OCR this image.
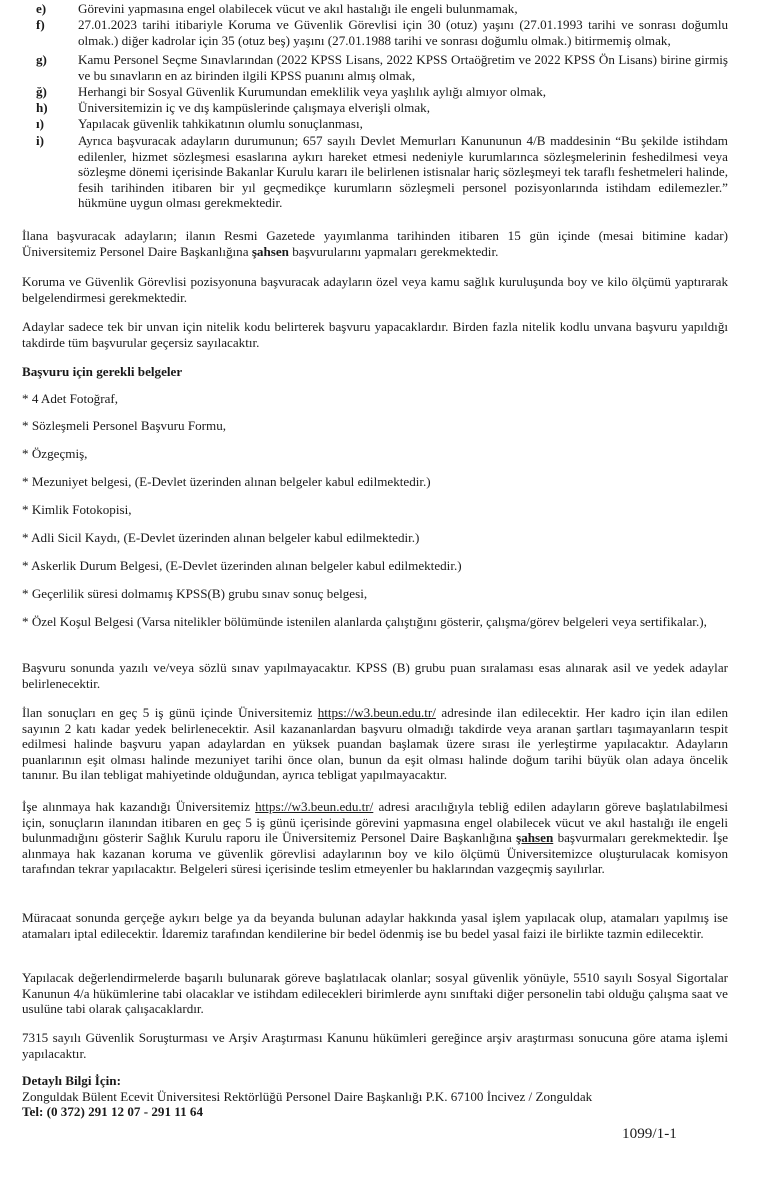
e)	Görevini yapmasına engel olabilecek vücut ve akıl hastalığı ile engeli bulunmamak,
f)	27.01.2023 tarihi itibariyle Koruma ve Güvenlik Görevlisi için 30 (otuz) yaşını (27.01.1993 tarihi ve sonrası doğumlu olmak.) diğer kadrolar için 35 (otuz beş) yaşını (27.01.1988 tarihi ve sonrası doğumlu olmak.) bitirmemiş olmak,
g)	Kamu Personel Seçme Sınavlarından (2022 KPSS Lisans, 2022 KPSS Ortaöğretim ve 2022 KPSS Ön Lisans) birine girmiş ve bu sınavların en az birinden ilgili KPSS puanını almış olmak,
ğ)	Herhangi bir Sosyal Güvenlik Kurumundan emeklilik veya yaşlılık aylığı almıyor olmak,
h)	Üniversitemizin iç ve dış kampüslerinde çalışmaya elverişli olmak,
ı)	Yapılacak güvenlik tahkikatının olumlu sonuçlanması,
i)	Ayrıca başvuracak adayların durumunun; 657 sayılı Devlet Memurları Kanununun 4/B maddesinin “Bu şekilde istihdam edilenler, hizmet sözleşmesi esaslarına aykırı hareket etmesi nedeniyle kurumlarınca sözleşmelerinin feshedilmesi veya sözleşme dönemi içerisinde Bakanlar Kurulu kararı ile belirlenen istisnalar hariç sözleşmeyi tek taraflı feshetmeleri halinde, fesih tarihinden itibaren bir yıl geçmedikçe kurumların sözleşmeli personel pozisyonlarında istihdam edilemezler.” hükmüne uygun olması gerekmektedir.
İlana başvuracak adayların; ilanın Resmi Gazetede yayımlanma tarihinden itibaren 15 gün içinde (mesai bitimine kadar) Üniversitemiz Personel Daire Başkanlığına şahsen başvurularını yapmaları gerekmektedir.
Koruma ve Güvenlik Görevlisi pozisyonuna başvuracak adayların özel veya kamu sağlık kuruluşunda boy ve kilo ölçümü yaptırarak belgelendirmesi gerekmektedir.
Adaylar sadece tek bir unvan için nitelik kodu belirterek başvuru yapacaklardır. Birden fazla nitelik kodlu unvana başvuru yapıldığı takdirde tüm başvurular geçersiz sayılacaktır.
Başvuru için gerekli belgeler
* 4 Adet Fotoğraf,
* Sözleşmeli Personel Başvuru Formu,
* Özgeçmiş,
* Mezuniyet belgesi, (E-Devlet üzerinden alınan belgeler kabul edilmektedir.)
* Kimlik Fotokopisi,
* Adli Sicil Kaydı, (E-Devlet üzerinden alınan belgeler kabul edilmektedir.)
* Askerlik Durum Belgesi, (E-Devlet üzerinden alınan belgeler kabul edilmektedir.)
* Geçerlilik süresi dolmamış KPSS(B) grubu sınav sonuç belgesi,
* Özel Koşul Belgesi (Varsa nitelikler bölümünde istenilen alanlarda çalıştığını gösterir, çalışma/görev belgeleri veya sertifikalar.),
Başvuru sonunda yazılı ve/veya sözlü sınav yapılmayacaktır. KPSS (B) grubu puan sıralaması esas alınarak asil ve yedek adaylar belirlenecektir.
İlan sonuçları en geç 5 iş günü içinde Üniversitemiz https://w3.beun.edu.tr/ adresinde ilan edilecektir. Her kadro için ilan edilen sayının 2 katı kadar yedek belirlenecektir. Asil kazananlardan başvuru olmadığı takdirde veya aranan şartları taşımayanların tespit edilmesi halinde başvuru yapan adaylardan en yüksek puandan başlamak üzere sırası ile yerleştirme yapılacaktır. Adayların puanlarının eşit olması halinde mezuniyet tarihi önce olan, bunun da eşit olması halinde doğum tarihi büyük olan adaya öncelik tanınır. Bu ilan tebligat mahiyetinde olduğundan, ayrıca tebligat yapılmayacaktır.
İşe alınmaya hak kazandığı Üniversitemiz https://w3.beun.edu.tr/ adresi aracılığıyla tebliğ edilen adayların göreve başlatılabilmesi için, sonuçların ilanından itibaren en geç 5 iş günü içerisinde görevini yapmasına engel olabilecek vücut ve akıl hastalığı ile engeli bulunmadığını gösterir Sağlık Kurulu raporu ile Üniversitemiz Personel Daire Başkanlığına şahsen başvurmaları gerekmektedir. İşe alınmaya hak kazanan koruma ve güvenlik görevlisi adaylarının boy ve kilo ölçümü Üniversitemizce oluşturulacak komisyon tarafından tekrar yapılacaktır. Belgeleri süresi içerisinde teslim etmeyenler bu haklarından vazgeçmiş sayılırlar.
Müracaat sonunda gerçeğe aykırı belge ya da beyanda bulunan adaylar hakkında yasal işlem yapılacak olup, atamaları yapılmış ise atamaları iptal edilecektir. İdaremiz tarafından kendilerine bir bedel ödenmiş ise bu bedel yasal faizi ile birlikte tazmin edilecektir.
Yapılacak değerlendirmelerde başarılı bulunarak göreve başlatılacak olanlar; sosyal güvenlik yönüyle, 5510 sayılı Sosyal Sigortalar Kanunun 4/a hükümlerine tabi olacaklar ve istihdam edilecekleri birimlerde aynı sınıftaki diğer personelin tabi olduğu çalışma saat ve usulüne tabi olarak çalışacaklardır.
7315 sayılı Güvenlik Soruşturması ve Arşiv Araştırması Kanunu hükümleri gereğince arşiv araştırması sonucuna göre atama işlemi yapılacaktır.
Detaylı Bilgi İçin:
Zonguldak Bülent Ecevit Üniversitesi Rektörlüğü Personel Daire Başkanlığı P.K. 67100 İncivez / Zonguldak
Tel: (0 372) 291 12 07 - 291 11 64
1099/1-1
